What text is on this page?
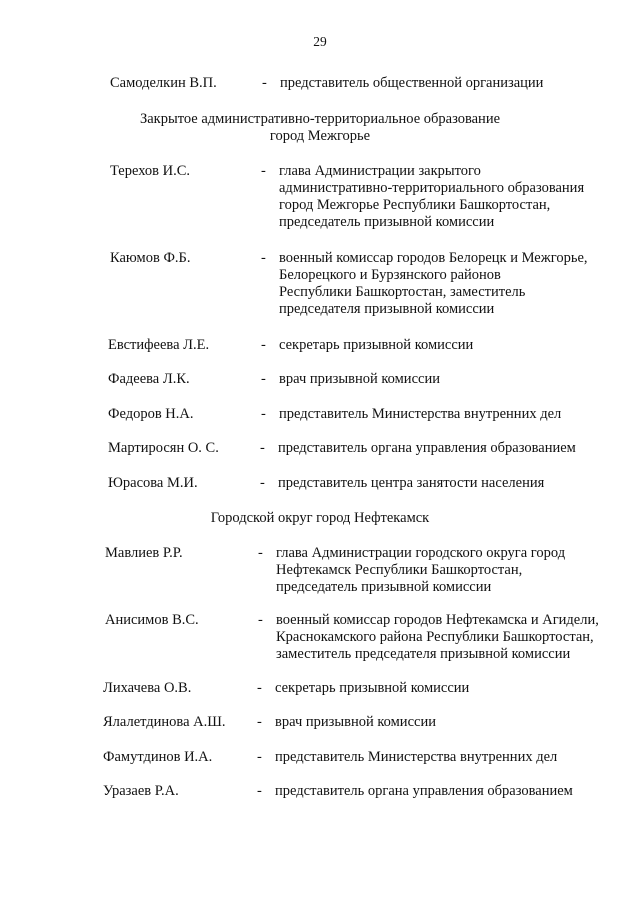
29
Закрытое административно-территориальное образование
город Межгорье
Городской округ город Нефтекамск
Самоделкин В.П.	- представитель общественной организации
Терехов И.С.	- глава Администрации закрытого
административно-территориального образования
город Межгорье Республики Башкортостан,
председатель призывной комиссии
Каюмов Ф.Б.	- военный комиссар городов Белорецк и Межгорье,
Белорецкого и Бурзянского районов
Республики Башкортостан, заместитель
председателя призывной комиссии
Евстифеева Л.Е.	- секретарь призывной комиссии
Фадеева Л.К.	- врач призывной комиссии
Федоров Н.А.	- представитель Министерства внутренних дел
Мартиросян О. С.	- представитель органа управления образованием
Юрасова М.И.	- представитель центра занятости населения
Мавлиев Р.Р.	- глава Администрации городского округа город
Нефтекамск Республики Башкортостан,
председатель призывной комиссии
Анисимов В.С.	- военный комиссар городов Нефтекамска и Агидели,
Краснокамского района Республики Башкортостан,
заместитель председателя призывной комиссии
Лихачева О.В.	- секретарь призывной комиссии
Ялалетдинова А.Ш. - врач призывной комиссии
Фамутдинов И.А.	- представитель Министерства внутренних дел
Уразаев Р.А.	- представитель органа управления образованием
